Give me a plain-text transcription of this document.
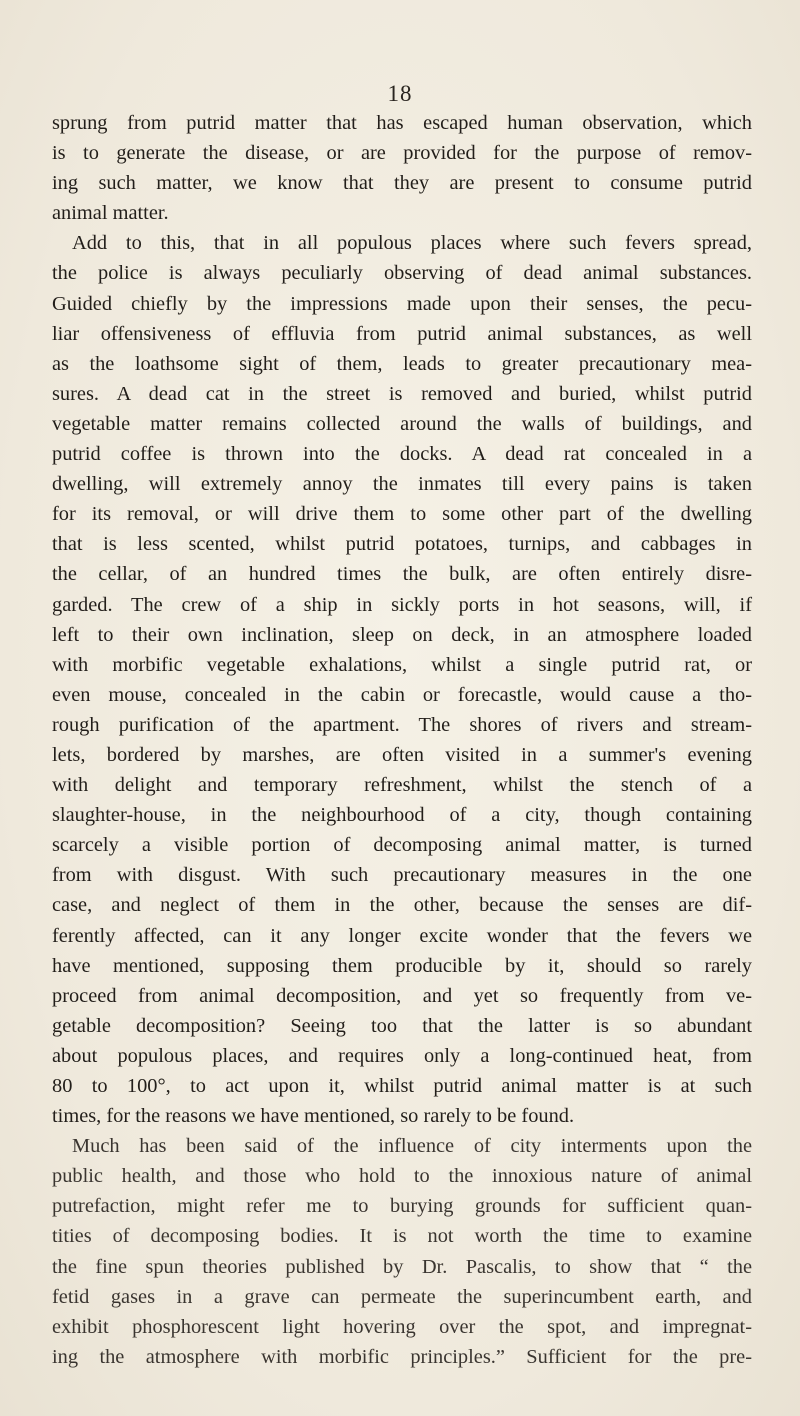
18
sprung from putrid matter that has escaped human observation, which
is to generate the disease, or are provided for the purpose of remov-
ing such matter, we know that they are present to consume putrid
animal matter.
Add to this, that in all populous places where such fevers spread,
the police is always peculiarly observing of dead animal substances.
Guided chiefly by the impressions made upon their senses, the pecu-
liar offensiveness of effluvia from putrid animal substances, as well
as the loathsome sight of them, leads to greater precautionary mea-
sures. A dead cat in the street is removed and buried, whilst putrid
vegetable matter remains collected around the walls of buildings, and
putrid coffee is thrown into the docks. A dead rat concealed in a
dwelling, will extremely annoy the inmates till every pains is taken
for its removal, or will drive them to some other part of the dwelling
that is less scented, whilst putrid potatoes, turnips, and cabbages in
the cellar, of an hundred times the bulk, are often entirely disre-
garded. The crew of a ship in sickly ports in hot seasons, will, if
left to their own inclination, sleep on deck, in an atmosphere loaded
with morbific vegetable exhalations, whilst a single putrid rat, or
even mouse, concealed in the cabin or forecastle, would cause a tho-
rough purification of the apartment. The shores of rivers and stream-
lets, bordered by marshes, are often visited in a summer's evening
with delight and temporary refreshment, whilst the stench of a
slaughter-house, in the neighbourhood of a city, though containing
scarcely a visible portion of decomposing animal matter, is turned
from with disgust. With such precautionary measures in the one
case, and neglect of them in the other, because the senses are dif-
ferently affected, can it any longer excite wonder that the fevers we
have mentioned, supposing them producible by it, should so rarely
proceed from animal decomposition, and yet so frequently from ve-
getable decomposition? Seeing too that the latter is so abundant
about populous places, and requires only a long-continued heat, from
80 to 100°, to act upon it, whilst putrid animal matter is at such
times, for the reasons we have mentioned, so rarely to be found.
Much has been said of the influence of city interments upon the
public health, and those who hold to the innoxious nature of animal
putrefaction, might refer me to burying grounds for sufficient quan-
tities of decomposing bodies. It is not worth the time to examine
the fine spun theories published by Dr. Pascalis, to show that “ the
fetid gases in a grave can permeate the superincumbent earth, and
exhibit phosphorescent light hovering over the spot, and impregnat-
ing the atmosphere with morbific principles.” Sufficient for the pre-
